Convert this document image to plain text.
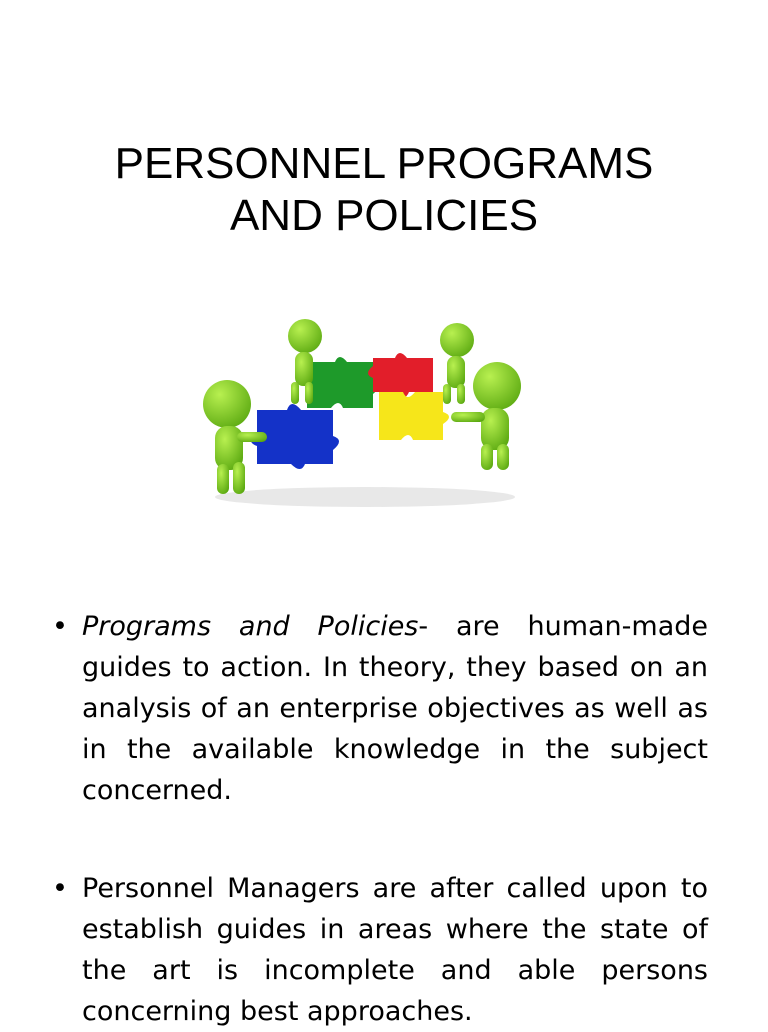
PERSONNEL PROGRAMS
AND POLICIES
• Programs and Policies- are human-made guides to action. In theory, they based on an analysis of an enterprise objectives as well as in the available knowledge in the subject concerned.
• Personnel Managers are after called upon to establish guides in areas where the state of the art is incomplete and able persons concerning best approaches.
